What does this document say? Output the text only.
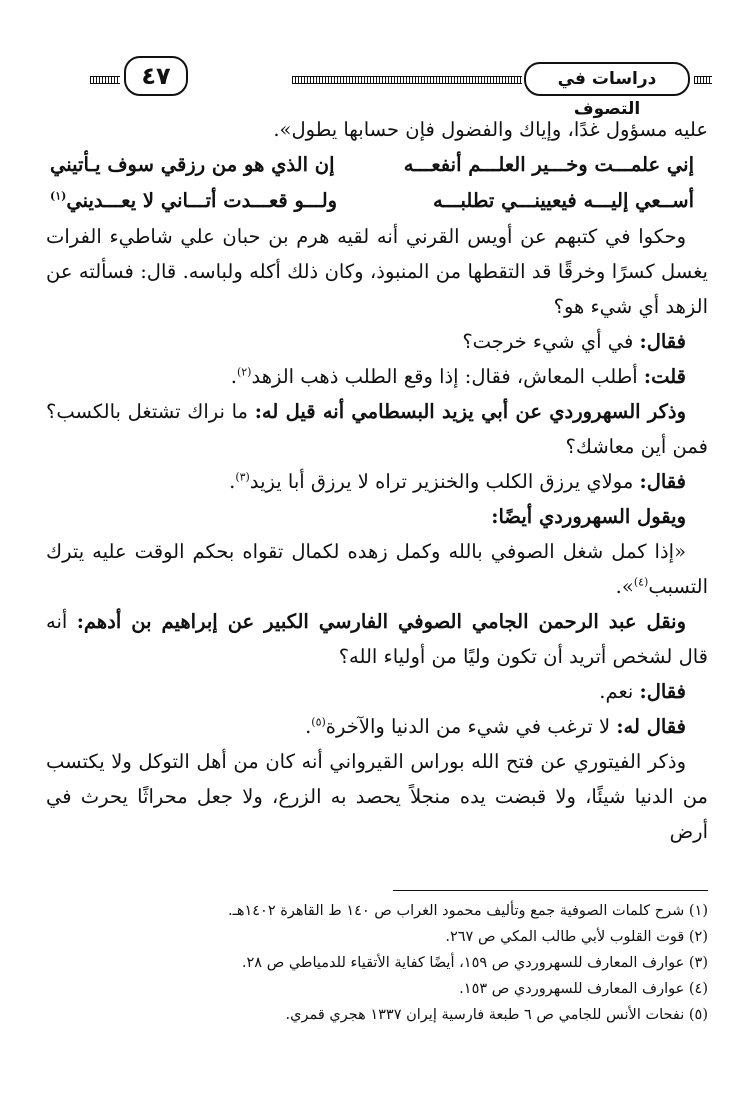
دراسات في التصوف
٤٧

عليه مسؤول غدًا، وإياك والفضول فإن حسابها يطول».

إني علمـــت وخـــير العلـــم أنفعـــه
إن الذي هو من رزقي سوف يـأتيني
أســعي إليـــه فيعيينـــي تطلبـــه
ولـــو قعـــدت أتـــاني لا يعـــديني$^{(١)}$

وحكوا في كتبهم عن أويس القرني أنه لقيه هرم بن حبان علي شاطيء الفرات يغسل كسرًا وخرقًا قد التقطها من المنبوذ، وكان ذلك أكله ولباسه. قال: فسألته عن الزهد أي شيء هو؟

فقال: في أي شيء خرجت؟

قلت: أطلب المعاش، فقال: إذا وقع الطلب ذهب الزهد$^{(٢)}$.

وذكر السهروردي عن أبي يزيد البسطامي أنه قيل له: ما نراك تشتغل بالكسب؟ فمن أين معاشك؟

فقال: مولاي يرزق الكلب والخنزير تراه لا يرزق أبا يزيد$^{(٣)}$.

ويقول السهروردي أيضًا:

«إذا كمل شغل الصوفي بالله وكمل زهده لكمال تقواه بحكم الوقت عليه يترك التسبب$^{(٤)}$».

ونقل عبد الرحمن الجامي الصوفي الفارسي الكبير عن إبراهيم بن أدهم: أنه قال لشخص أتريد أن تكون وليًا من أولياء الله؟

فقال: نعم.

فقال له: لا ترغب في شيء من الدنيا والآخرة$^{(٥)}$.

وذكر الفيتوري عن فتح الله بوراس القيرواني أنه كان من أهل التوكل ولا يكتسب من الدنيا شيئًا، ولا قبضت يده منجلاً يحصد به الزرع، ولا جعل محراثًا يحرث في أرض

(١) شرح كلمات الصوفية جمع وتأليف محمود الغراب ص ١٤٠ ط القاهرة ١٤٠٢هـ.

(٢) قوت القلوب لأبي طالب المكي ص ٢٦٧.

(٣) عوارف المعارف للسهروردي ص ١٥٩، أيضًا كفاية الأتقياء للدمياطي ص ٢٨.

(٤) عوارف المعارف للسهروردي ص ١٥٣.

(٥) نفحات الأنس للجامي ص ٦ طبعة فارسية إيران ١٣٣٧ هجري قمري.
